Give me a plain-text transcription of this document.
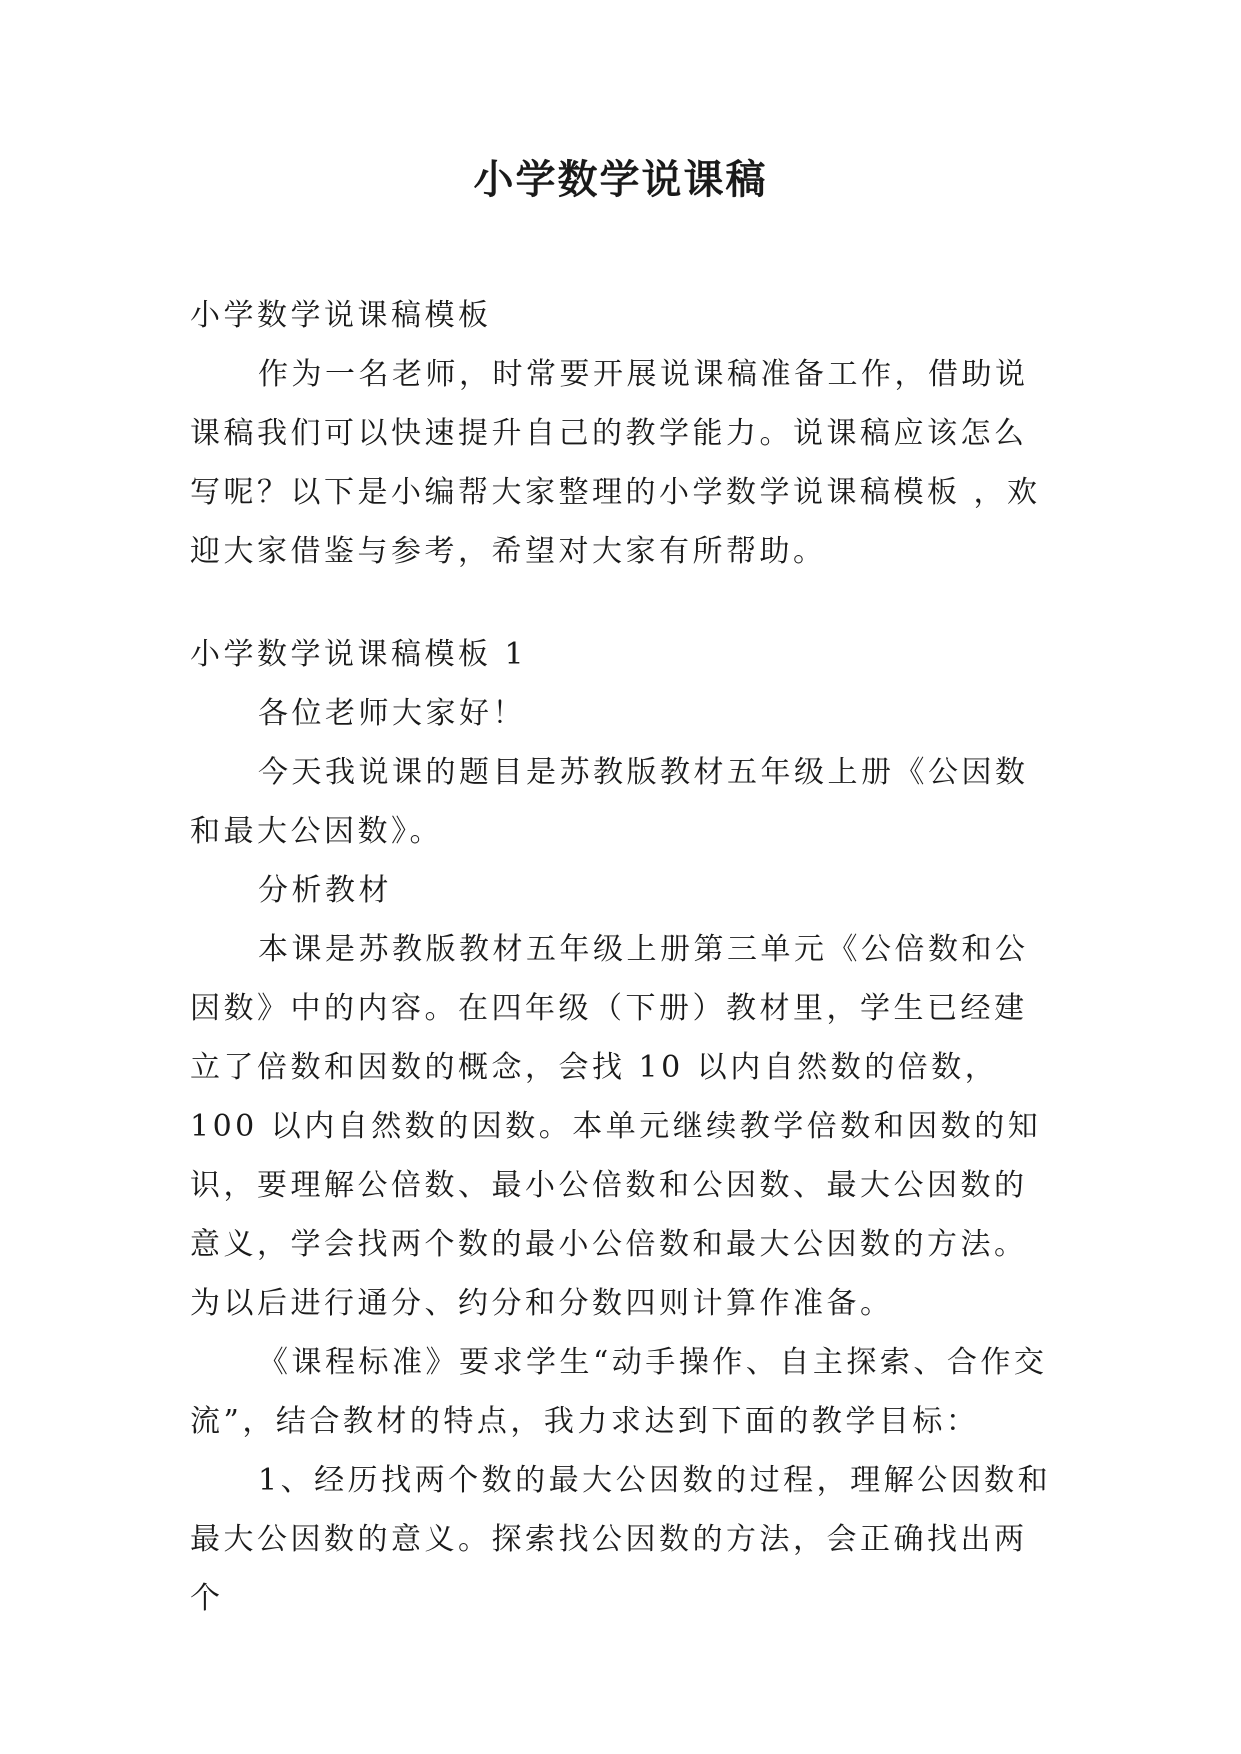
小学数学说课稿

小学数学说课稿模板

作为一名老师，时常要开展说课稿准备工作，借助说课稿我们可以快速提升自己的教学能力。说课稿应该怎么写呢？以下是小编帮大家整理的小学数学说课稿模板 ，欢迎大家借鉴与参考，希望对大家有所帮助。

小学数学说课稿模板 1

各位老师大家好！

今天我说课的题目是苏教版教材五年级上册《公因数和最大公因数》。

分析教材

本课是苏教版教材五年级上册第三单元《公倍数和公因数》中的内容。在四年级（下册）教材里，学生已经建立了倍数和因数的概念，会找 10 以内自然数的倍数，100 以内自然数的因数。本单元继续教学倍数和因数的知识，要理解公倍数、最小公倍数和公因数、最大公因数的意义，学会找两个数的最小公倍数和最大公因数的方法。为以后进行通分、约分和分数四则计算作准备。

《课程标准》要求学生“动手操作、自主探索、合作交流”，结合教材的特点，我力求达到下面的教学目标：

1、经历找两个数的最大公因数的过程，理解公因数和最大公因数的意义。探索找公因数的方法，会正确找出两个
